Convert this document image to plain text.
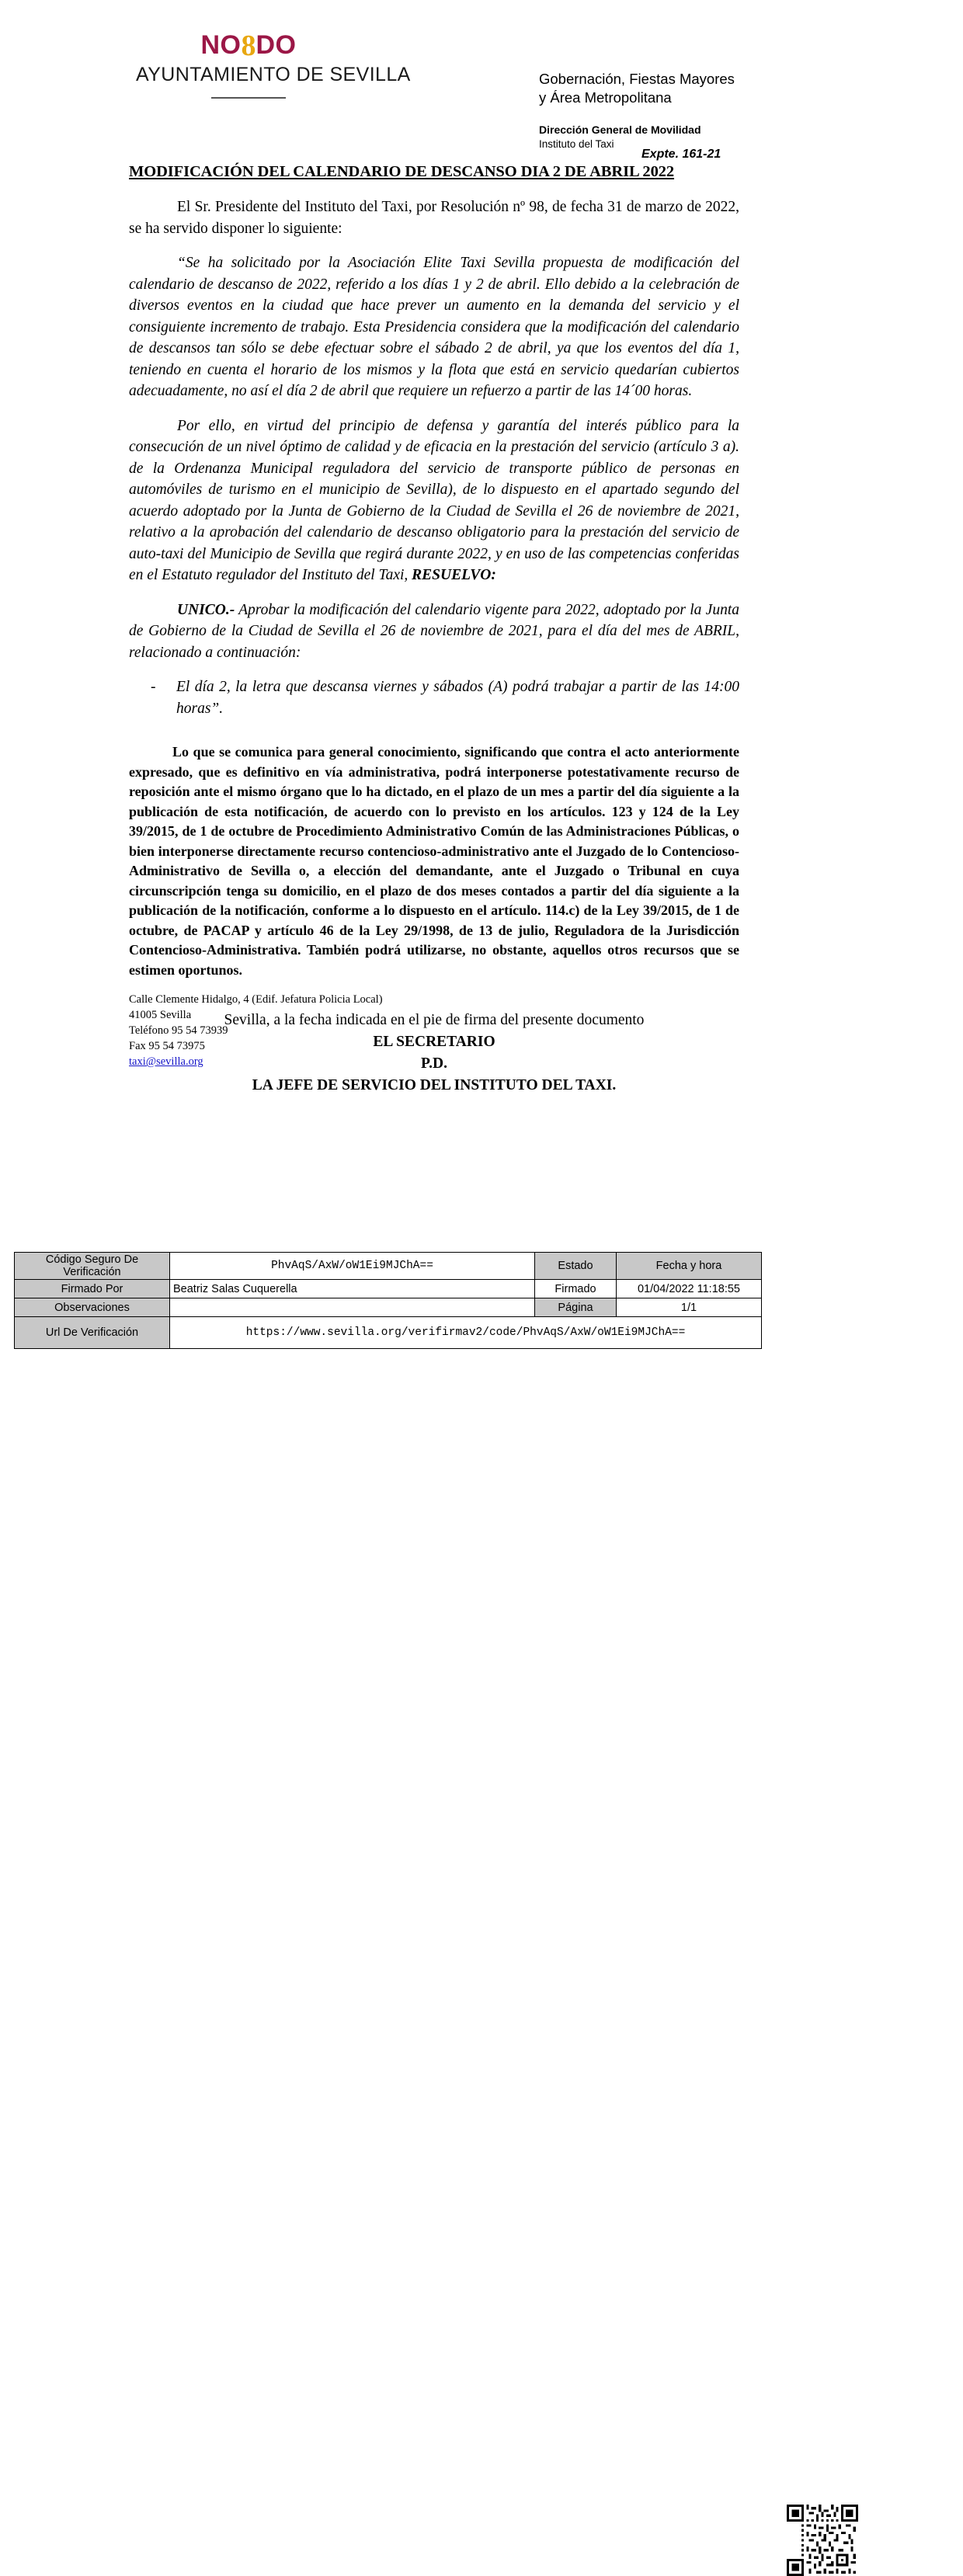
NO8DO
AYUNTAMIENTO DE SEVILLA	Gobernación, Fiestas Mayores
y Área Metropolitana
Dirección General de Movilidad
Instituto del Taxi
Expte. 161-21
MODIFICACIÓN DEL CALENDARIO DE DESCANSO DIA 2 DE ABRIL 2022

El Sr. Presidente del Instituto del Taxi, por Resolución nº 98, de fecha 31 de marzo de 2022, se ha servido disponer lo siguiente:

“Se ha solicitado por la Asociación Elite Taxi Sevilla propuesta de modificación del calendario de descanso de 2022, referido a los días 1 y 2 de abril. Ello debido a la celebración de diversos eventos en la ciudad que hace prever un aumento en la demanda del servicio y el consiguiente incremento de trabajo. Esta Presidencia considera que la modificación del calendario de descansos tan sólo se debe efectuar sobre el sábado 2 de abril, ya que los eventos del día 1, teniendo en cuenta el horario de los mismos y la flota que está en servicio quedarían cubiertos adecuadamente, no así el día 2 de abril que requiere un refuerzo a partir de las 14´00 horas.

Por ello, en virtud del principio de defensa y garantía del interés público para la consecución de un nivel óptimo de calidad y de eficacia en la prestación del servicio (artículo 3 a). de la Ordenanza Municipal reguladora del servicio de transporte público de personas en automóviles de turismo en el municipio de Sevilla), de lo dispuesto en el apartado segundo del acuerdo adoptado por la Junta de Gobierno de la Ciudad de Sevilla el 26 de noviembre de 2021, relativo a la aprobación del calendario de descanso obligatorio para la prestación del servicio de auto-taxi del Municipio de Sevilla que regirá durante 2022, y en uso de las competencias conferidas en el Estatuto regulador del Instituto del Taxi, RESUELVO:

UNICO.- Aprobar la modificación del calendario vigente para 2022, adoptado por la Junta de Gobierno de la Ciudad de Sevilla el 26 de noviembre de 2021, para el día del mes de ABRIL, relacionado a continuación:

-	El día 2, la letra que descansa viernes y sábados (A) podrá trabajar a partir de las 14:00 horas”.

Lo que se comunica para general conocimiento, significando que contra el acto anteriormente expresado, que es definitivo en vía administrativa, podrá interponerse potestativamente recurso de reposición ante el mismo órgano que lo ha dictado, en el plazo de un mes a partir del día siguiente a la publicación de esta notificación, de acuerdo con lo previsto en los artículos. 123 y 124 de la Ley 39/2015, de 1 de octubre de Procedimiento Administrativo Común de las Administraciones Públicas, o bien interponerse directamente recurso contencioso-administrativo ante el Juzgado de lo Contencioso-Administrativo de Sevilla o, a elección del demandante, ante el Juzgado o Tribunal en cuya circunscripción tenga su domicilio, en el plazo de dos meses contados a partir del día siguiente a la publicación de la notificación, conforme a lo dispuesto en el artículo. 114.c) de la Ley 39/2015, de 1 de octubre, de PACAP y artículo 46 de la Ley 29/1998, de 13 de julio, Reguladora de la Jurisdicción Contencioso-Administrativa. También podrá utilizarse, no obstante, aquellos otros recursos que se estimen oportunos.

Sevilla, a la fecha indicada en el pie de firma del presente documento
EL SECRETARIO
P.D.
LA JEFE DE SERVICIO DEL INSTITUTO DEL TAXI.
Calle Clemente Hidalgo, 4 (Edif. Jefatura Policia Local)
41005 Sevilla
Teléfono 95 54 73939
Fax 95 54 73975
taxi@sevilla.org
Código Seguro De Verificación	PhvAqS/AxW/oW1Ei9MJChA==	Estado	Fecha y hora
Firmado Por	Beatriz Salas Cuquerella	Firmado	01/04/2022 11:18:55
Observaciones		Página	1/1
Url De Verificación	https://www.sevilla.org/verifirmav2/code/PhvAqS/AxW/oW1Ei9MJChA==		
